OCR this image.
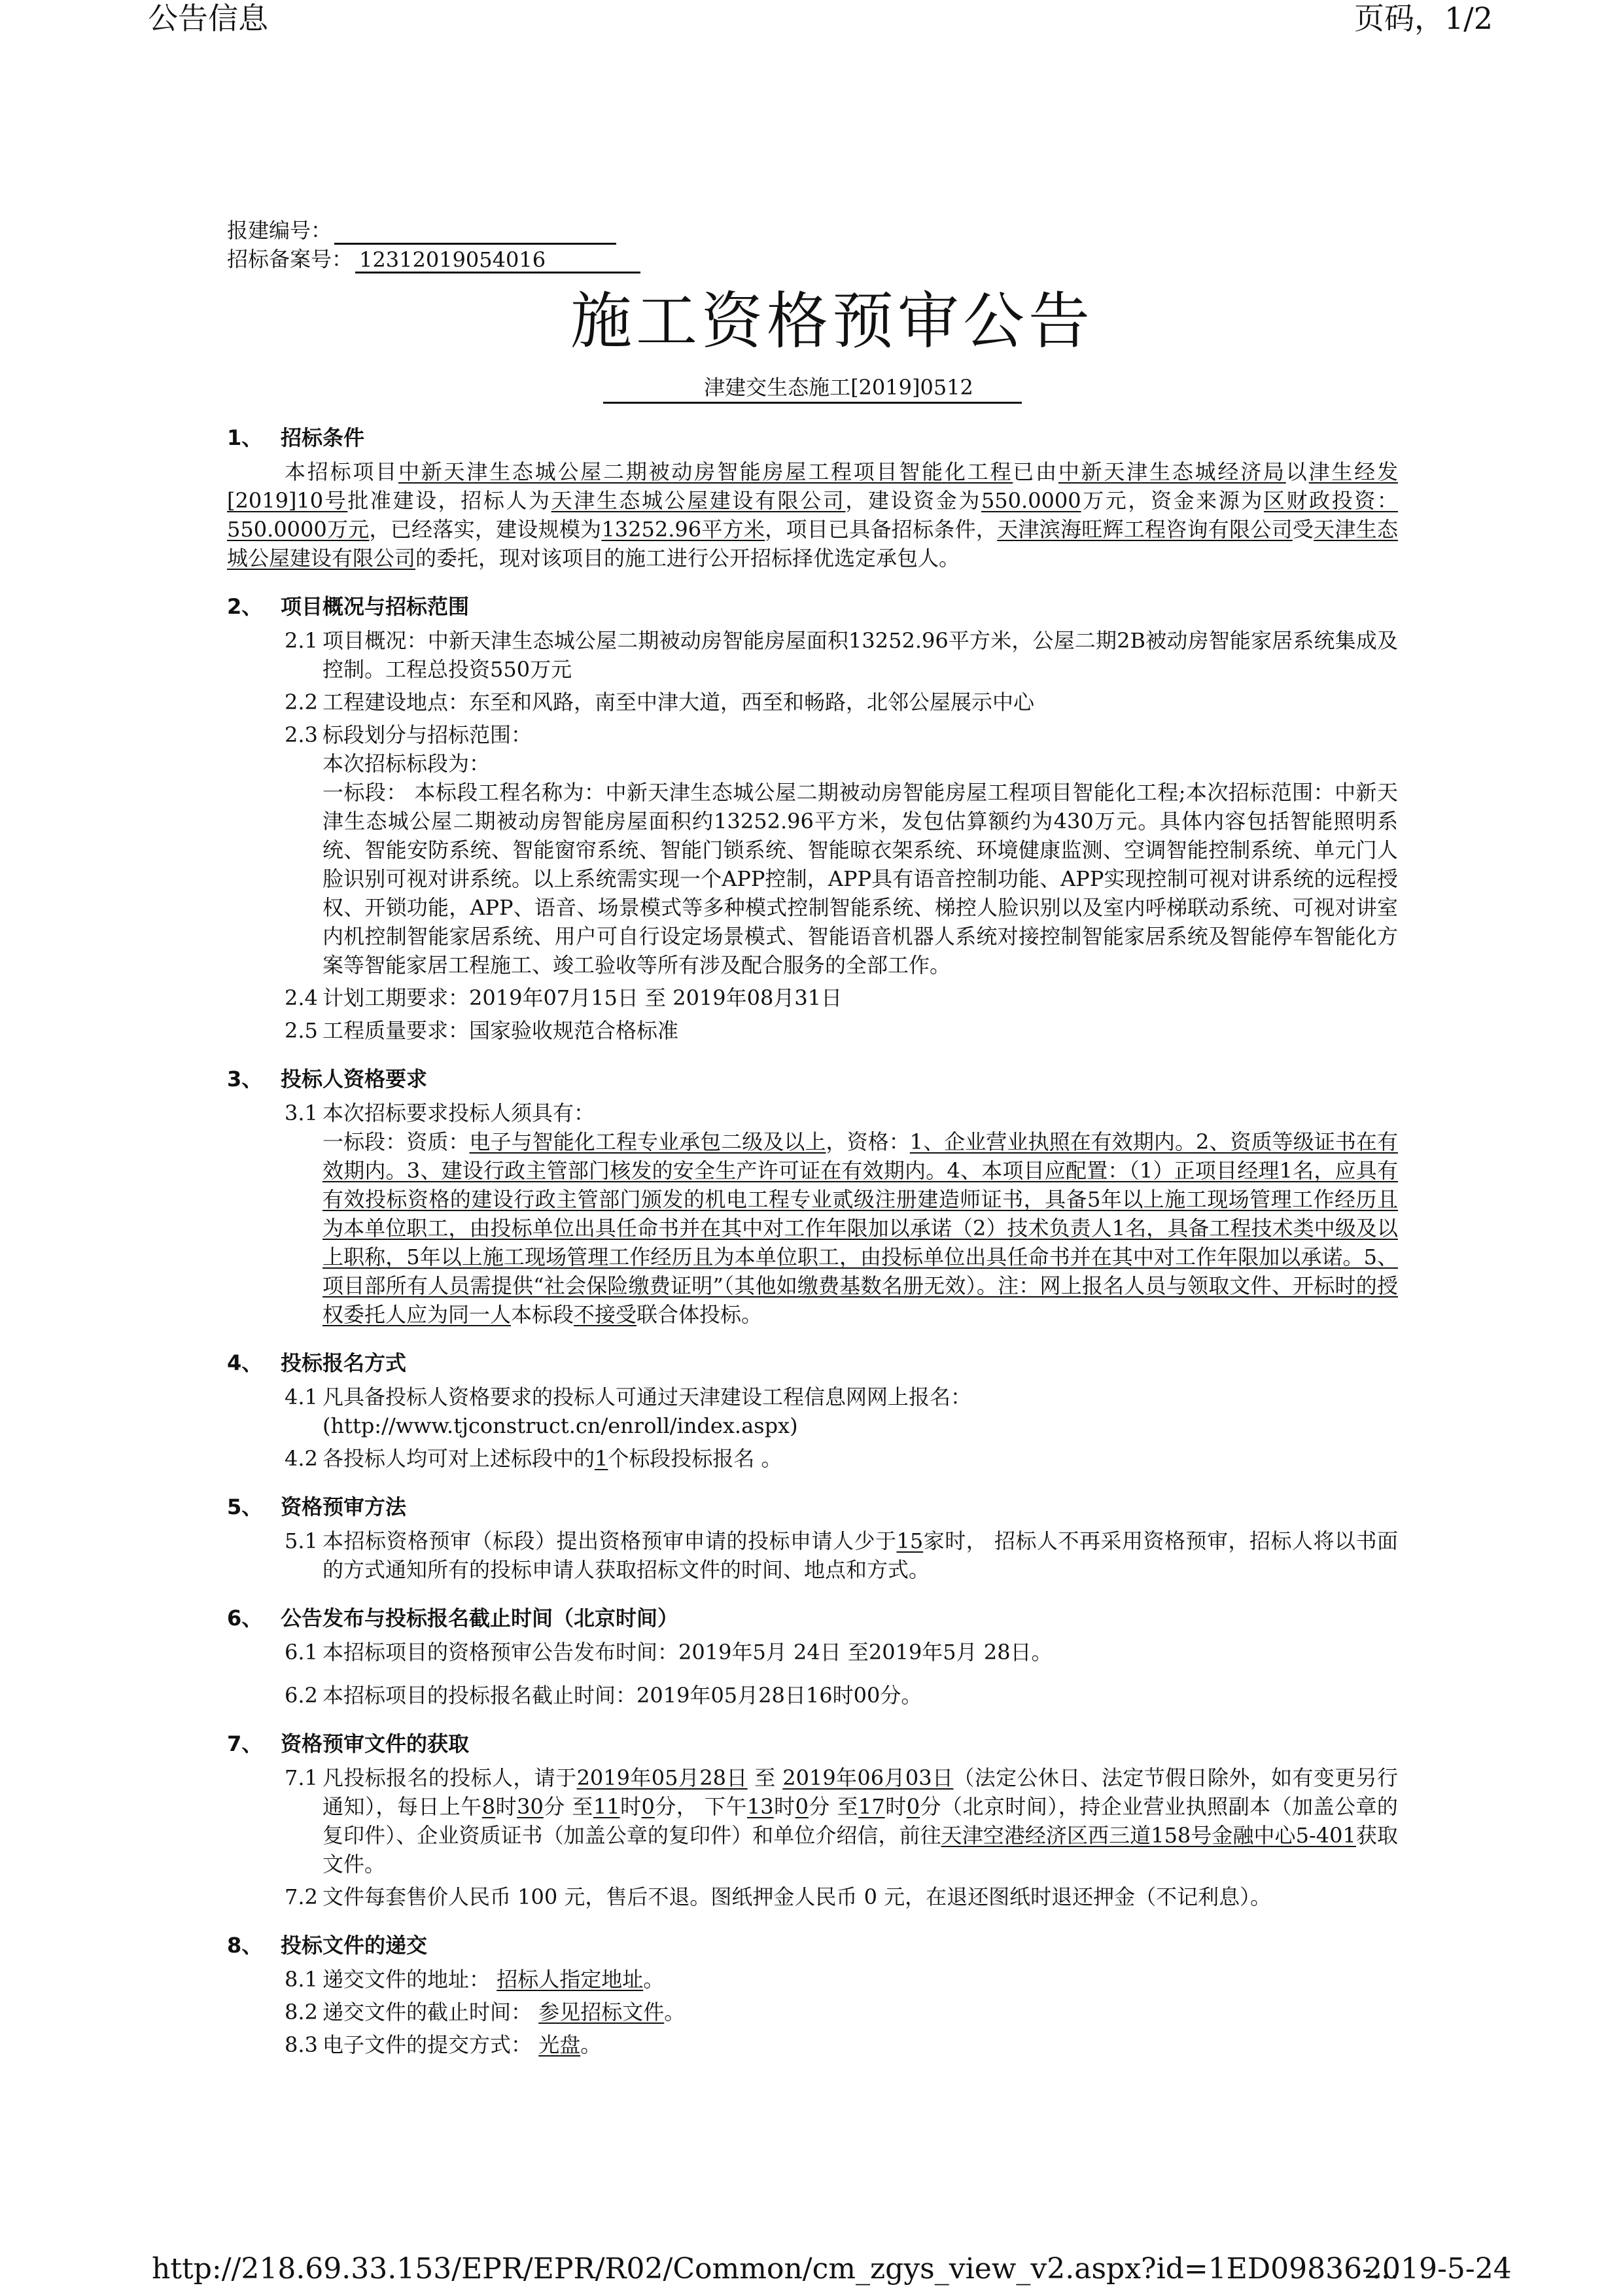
公告信息	页码，1/2
报建编号：
招标备案号： 12312019054016
施工资格预审公告
津建交生态施工[2019]0512
1、 招标条件
本招标项目中新天津生态城公屋二期被动房智能房屋工程项目智能化工程已由中新天津生态城经济局以津生经发[2019]10号批准建设，招标人为天津生态城公屋建设有限公司，建设资金为550.0000万元，资金来源为区财政投资：550.0000万元，已经落实，建设规模为13252.96平方米，项目已具备招标条件，天津滨海旺辉工程咨询有限公司受天津生态城公屋建设有限公司的委托，现对该项目的施工进行公开招标择优选定承包人。
2、 项目概况与招标范围
2.1 项目概况：中新天津生态城公屋二期被动房智能房屋面积13252.96平方米，公屋二期2B被动房智能家居系统集成及控制。工程总投资550万元
2.2 工程建设地点：东至和风路，南至中津大道，西至和畅路，北邻公屋展示中心
2.3 标段划分与招标范围：
本次招标标段为：
一标段： 本标段工程名称为：中新天津生态城公屋二期被动房智能房屋工程项目智能化工程;本次招标范围：中新天津生态城公屋二期被动房智能房屋面积约13252.96平方米，发包估算额约为430万元。具体内容包括智能照明系统、智能安防系统、智能窗帘系统、智能门锁系统、智能晾衣架系统、环境健康监测、空调智能控制系统、单元门人脸识别可视对讲系统。以上系统需实现一个APP控制，APP具有语音控制功能、APP实现控制可视对讲系统的远程授权、开锁功能，APP、语音、场景模式等多种模式控制智能系统、梯控人脸识别以及室内呼梯联动系统、可视对讲室内机控制智能家居系统、用户可自行设定场景模式、智能语音机器人系统对接控制智能家居系统及智能停车智能化方案等智能家居工程施工、竣工验收等所有涉及配合服务的全部工作。
2.4 计划工期要求：2019年07月15日 至 2019年08月31日
2.5 工程质量要求：国家验收规范合格标准
3、 投标人资格要求
3.1 本次招标要求投标人须具有：
一标段：资质：电子与智能化工程专业承包二级及以上，资格：1、企业营业执照在有效期内。2、资质等级证书在有效期内。3、建设行政主管部门核发的安全生产许可证在有效期内。4、本项目应配置：（1）正项目经理1名，应具有有效投标资格的建设行政主管部门颁发的机电工程专业贰级注册建造师证书，具备5年以上施工现场管理工作经历且为本单位职工，由投标单位出具任命书并在其中对工作年限加以承诺（2）技术负责人1名，具备工程技术类中级及以上职称，5年以上施工现场管理工作经历且为本单位职工，由投标单位出具任命书并在其中对工作年限加以承诺。5、项目部所有人员需提供“社会保险缴费证明”（其他如缴费基数名册无效）。注：网上报名人员与领取文件、开标时的授权委托人应为同一人本标段不接受联合体投标。
4、 投标报名方式
4.1 凡具备投标人资格要求的投标人可通过天津建设工程信息网网上报名：
(http://www.tjconstruct.cn/enroll/index.aspx)
4.2 各投标人均可对上述标段中的1个标段投标报名 。
5、 资格预审方法
5.1 本招标资格预审（标段）提出资格预审申请的投标申请人少于15家时， 招标人不再采用资格预审，招标人将以书面的方式通知所有的投标申请人获取招标文件的时间、地点和方式。
6、 公告发布与投标报名截止时间（北京时间）
6.1 本招标项目的资格预审公告发布时间：2019年5月 24日 至2019年5月 28日。
6.2 本招标项目的投标报名截止时间：2019年05月28日16时00分。
7、 资格预审文件的获取
7.1 凡投标报名的投标人，请于2019年05月28日 至 2019年06月03日（法定公休日、法定节假日除外，如有变更另行通知），每日上午8时30分 至11时0分， 下午13时0分 至17时0分（北京时间），持企业营业执照副本（加盖公章的复印件）、企业资质证书（加盖公章的复印件）和单位介绍信，前往天津空港经济区西三道158号金融中心5-401获取文件。
7.2 文件每套售价人民币 100 元，售后不退。图纸押金人民币 0 元，在退还图纸时退还押金（不记利息）。
8、 投标文件的递交
8.1 递交文件的地址： 招标人指定地址。
8.2 递交文件的截止时间： 参见招标文件。
8.3 电子文件的提交方式： 光盘。
http://218.69.33.153/EPR/EPR/R02/Common/cm_zgys_view_v2.aspx?id=1ED09836-...
2019-5-24
